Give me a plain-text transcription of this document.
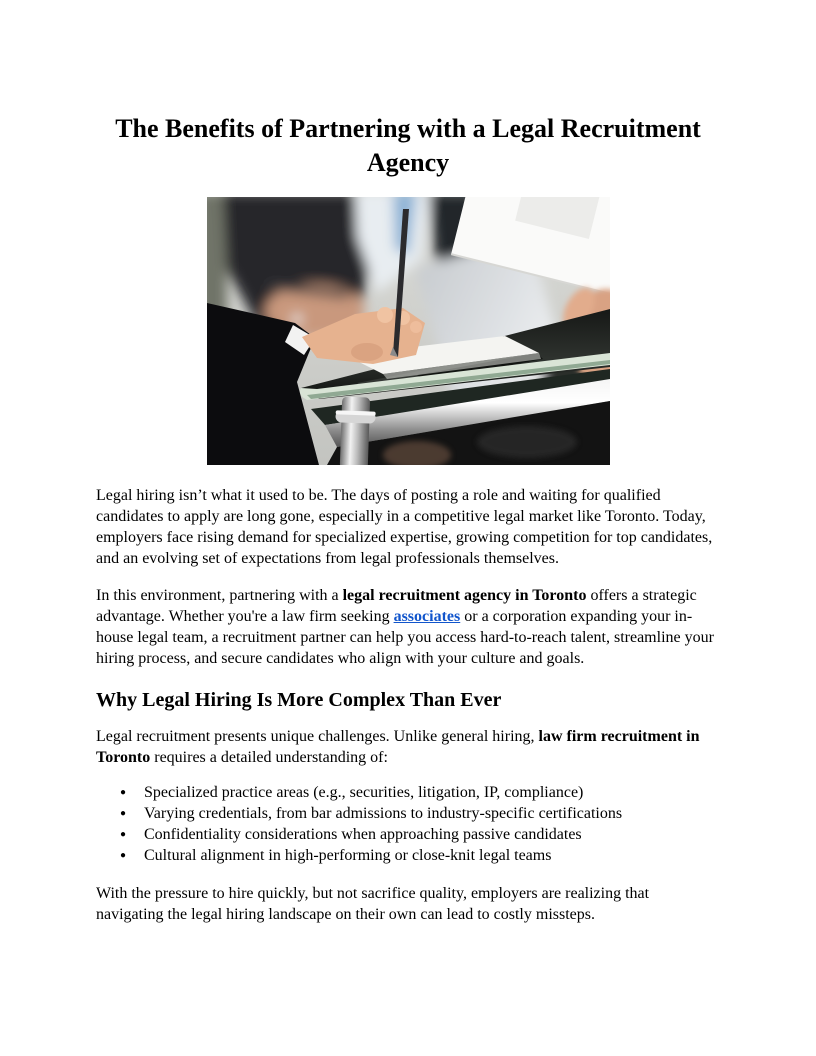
The Benefits of Partnering with a Legal Recruitment Agency

Legal hiring isn’t what it used to be. The days of posting a role and waiting for qualified candidates to apply are long gone, especially in a competitive legal market like Toronto. Today, employers face rising demand for specialized expertise, growing competition for top candidates, and an evolving set of expectations from legal professionals themselves.

In this environment, partnering with a legal recruitment agency in Toronto offers a strategic advantage. Whether you're a law firm seeking associates or a corporation expanding your in-house legal team, a recruitment partner can help you access hard-to-reach talent, streamline your hiring process, and secure candidates who align with your culture and goals.

Why Legal Hiring Is More Complex Than Ever

Legal recruitment presents unique challenges. Unlike general hiring, law firm recruitment in Toronto requires a detailed understanding of:

● Specialized practice areas (e.g., securities, litigation, IP, compliance)
● Varying credentials, from bar admissions to industry-specific certifications
● Confidentiality considerations when approaching passive candidates
● Cultural alignment in high-performing or close-knit legal teams

With the pressure to hire quickly, but not sacrifice quality, employers are realizing that navigating the legal hiring landscape on their own can lead to costly missteps.
